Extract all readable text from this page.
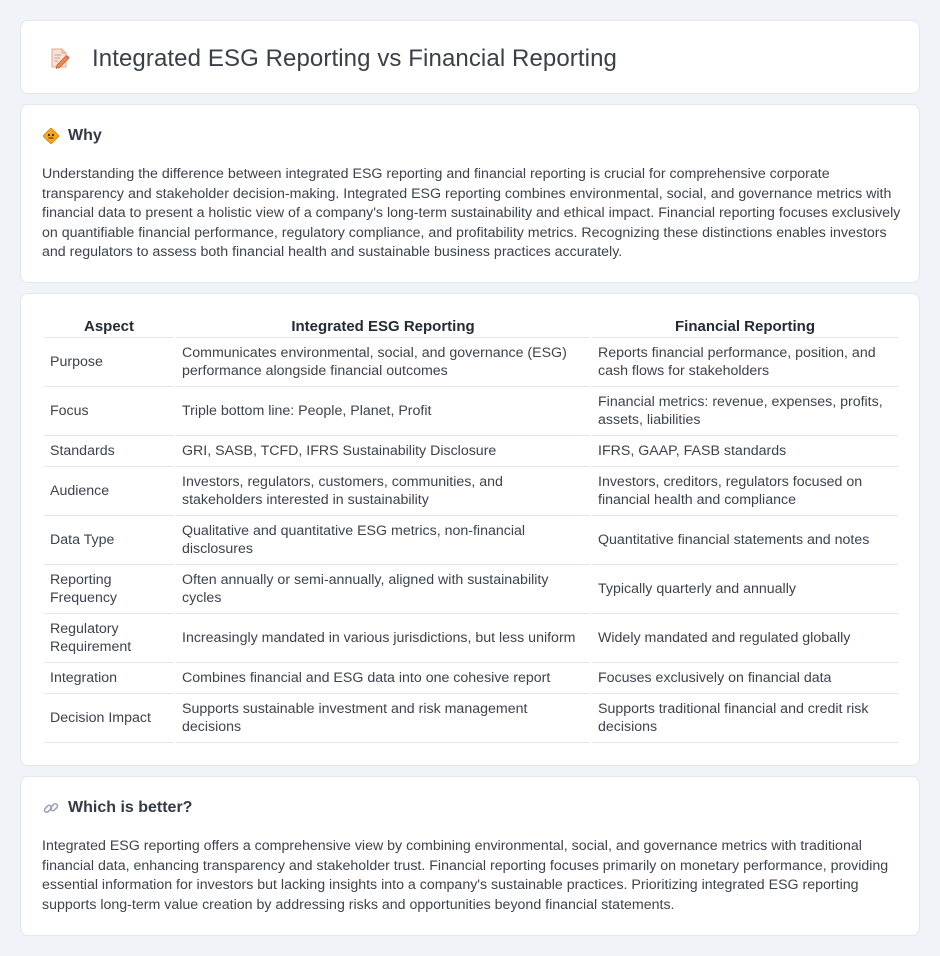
Integrated ESG Reporting vs Financial Reporting
Why

Understanding the difference between integrated ESG reporting and financial reporting is crucial for comprehensive corporate transparency and stakeholder decision-making. Integrated ESG reporting combines environmental, social, and governance metrics with financial data to present a holistic view of a company's long-term sustainability and ethical impact. Financial reporting focuses exclusively on quantifiable financial performance, regulatory compliance, and profitability metrics. Recognizing these distinctions enables investors and regulators to assess both financial health and sustainable business practices accurately.

Aspect	Integrated ESG Reporting	Financial Reporting
Purpose	Communicates environmental, social, and governance (ESG) performance alongside financial outcomes	Reports financial performance, position, and cash flows for stakeholders
Focus	Triple bottom line: People, Planet, Profit	Financial metrics: revenue, expenses, profits, assets, liabilities
Standards	GRI, SASB, TCFD, IFRS Sustainability Disclosure	IFRS, GAAP, FASB standards
Audience	Investors, regulators, customers, communities, and stakeholders interested in sustainability	Investors, creditors, regulators focused on financial health and compliance
Data Type	Qualitative and quantitative ESG metrics, non-financial disclosures	Quantitative financial statements and notes
Reporting Frequency	Often annually or semi-annually, aligned with sustainability cycles	Typically quarterly and annually
Regulatory Requirement	Increasingly mandated in various jurisdictions, but less uniform	Widely mandated and regulated globally
Integration	Combines financial and ESG data into one cohesive report	Focuses exclusively on financial data
Decision Impact	Supports sustainable investment and risk management decisions	Supports traditional financial and credit risk decisions
Which is better?

Integrated ESG reporting offers a comprehensive view by combining environmental, social, and governance metrics with traditional financial data, enhancing transparency and stakeholder trust. Financial reporting focuses primarily on monetary performance, providing essential information for investors but lacking insights into a company's sustainable practices. Prioritizing integrated ESG reporting supports long-term value creation by addressing risks and opportunities beyond financial statements.
